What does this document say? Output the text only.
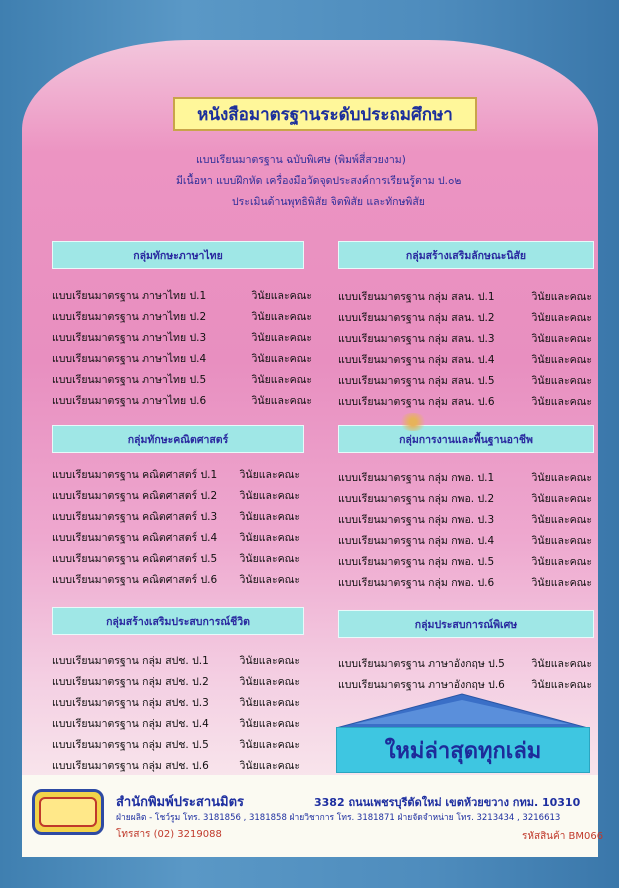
หนังสือมาตรฐานระดับประถมศึกษา
แบบเรียนมาตรฐาน ฉบับพิเศษ (พิมพ์สี่สวยงาม)
มีเนื้อหา แบบฝึกหัด เครื่องมือวัดจุดประสงค์การเรียนรู้ตาม ป.๐๒
ประเมินด้านพุทธิพิสัย จิตพิสัย และทักษพิสัย
กลุ่มทักษะภาษาไทย	กลุ่มสร้างเสริมลักษณะนิสัย
กลุ่มทักษะคณิตศาสตร์	กลุ่มการงานและพื้นฐานอาชีพ
กลุ่มสร้างเสริมประสบการณ์ชีวิต	กลุ่มประสบการณ์พิเศษ
แบบเรียนมาตรฐาน ภาษาไทย ป.1	วินัยและคณะ
แบบเรียนมาตรฐาน ภาษาไทย ป.2	วินัยและคณะ
แบบเรียนมาตรฐาน ภาษาไทย ป.3	วินัยและคณะ
แบบเรียนมาตรฐาน ภาษาไทย ป.4	วินัยและคณะ
แบบเรียนมาตรฐาน ภาษาไทย ป.5	วินัยและคณะ
แบบเรียนมาตรฐาน ภาษาไทย ป.6	วินัยและคณะ
แบบเรียนมาตรฐาน กลุ่ม สลน. ป.1	วินัยและคณะ
แบบเรียนมาตรฐาน กลุ่ม สลน. ป.2	วินัยและคณะ
แบบเรียนมาตรฐาน กลุ่ม สลน. ป.3	วินัยและคณะ
แบบเรียนมาตรฐาน กลุ่ม สลน. ป.4	วินัยและคณะ
แบบเรียนมาตรฐาน กลุ่ม สลน. ป.5	วินัยและคณะ
แบบเรียนมาตรฐาน กลุ่ม สลน. ป.6	วินัยและคณะ
แบบเรียนมาตรฐาน คณิตศาสตร์ ป.1 วินัยและคณะ
แบบเรียนมาตรฐาน คณิตศาสตร์ ป.2 วินัยและคณะ
แบบเรียนมาตรฐาน คณิตศาสตร์ ป.3 วินัยและคณะ
แบบเรียนมาตรฐาน คณิตศาสตร์ ป.4 วินัยและคณะ
แบบเรียนมาตรฐาน คณิตศาสตร์ ป.5 วินัยและคณะ
แบบเรียนมาตรฐาน คณิตศาสตร์ ป.6 วินัยและคณะ
แบบเรียนมาตรฐาน กลุ่ม กพอ. ป.1	วินัยและคณะ
แบบเรียนมาตรฐาน กลุ่ม กพอ. ป.2	วินัยและคณะ
แบบเรียนมาตรฐาน กลุ่ม กพอ. ป.3	วินัยและคณะ
แบบเรียนมาตรฐาน กลุ่ม กพอ. ป.4	วินัยและคณะ
แบบเรียนมาตรฐาน กลุ่ม กพอ. ป.5	วินัยและคณะ
แบบเรียนมาตรฐาน กลุ่ม กพอ. ป.6	วินัยและคณะ
แบบเรียนมาตรฐาน กลุ่ม สปช. ป.1	วินัยและคณะ
แบบเรียนมาตรฐาน กลุ่ม สปช. ป.2	วินัยและคณะ
แบบเรียนมาตรฐาน กลุ่ม สปช. ป.3	วินัยและคณะ
แบบเรียนมาตรฐาน กลุ่ม สปช. ป.4	วินัยและคณะ
แบบเรียนมาตรฐาน กลุ่ม สปช. ป.5	วินัยและคณะ
แบบเรียนมาตรฐาน กลุ่ม สปช. ป.6	วินัยและคณะ
แบบเรียนมาตรฐาน ภาษาอังกฤษ ป.5	วินัยและคณะ
แบบเรียนมาตรฐาน ภาษาอังกฤษ ป.6	วินัยและคณะ
ใหม่ล่าสุดทุกเล่ม
สำนักพิมพ์ประสานมิตร	3382 ถนนเพชรบุรีตัดใหม่ เขตห้วยขวาง กทม. 10310
ฝ่ายผลิต - โชว์รูม โทร. 3181856 , 3181858 ฝ่ายวิชาการ โทร. 3181871 ฝ่ายจัดจำหน่าย โทร. 3213434 , 3216613
โทรสาร (02) 3219088	รหัสสินค้า BM066
